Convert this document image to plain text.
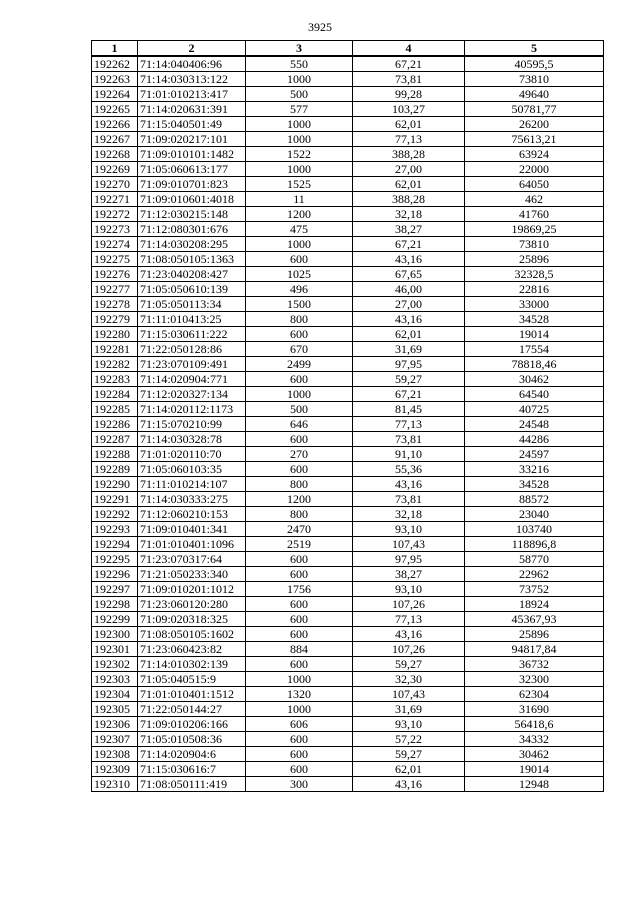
3925
1	2	3	4	5
192262	71:14:040406:96	550	67,21	40595,5
192263	71:14:030313:122	1000	73,81	73810
192264	71:01:010213:417	500	99,28	49640
192265	71:14:020631:391	577	103,27	50781,77
192266	71:15:040501:49	1000	62,01	26200
192267	71:09:020217:101	1000	77,13	75613,21
192268	71:09:010101:1482	1522	388,28	63924
192269	71:05:060613:177	1000	27,00	22000
192270	71:09:010701:823	1525	62,01	64050
192271	71:09:010601:4018	11	388,28	462
192272	71:12:030215:148	1200	32,18	41760
192273	71:12:080301:676	475	38,27	19869,25
192274	71:14:030208:295	1000	67,21	73810
192275	71:08:050105:1363	600	43,16	25896
192276	71:23:040208:427	1025	67,65	32328,5
192277	71:05:050610:139	496	46,00	22816
192278	71:05:050113:34	1500	27,00	33000
192279	71:11:010413:25	800	43,16	34528
192280	71:15:030611:222	600	62,01	19014
192281	71:22:050128:86	670	31,69	17554
192282	71:23:070109:491	2499	97,95	78818,46
192283	71:14:020904:771	600	59,27	30462
192284	71:12:020327:134	1000	67,21	64540
192285	71:14:020112:1173	500	81,45	40725
192286	71:15:070210:99	646	77,13	24548
192287	71:14:030328:78	600	73,81	44286
192288	71:01:020110:70	270	91,10	24597
192289	71:05:060103:35	600	55,36	33216
192290	71:11:010214:107	800	43,16	34528
192291	71:14:030333:275	1200	73,81	88572
192292	71:12:060210:153	800	32,18	23040
192293	71:09:010401:341	2470	93,10	103740
192294	71:01:010401:1096	2519	107,43	118896,8
192295	71:23:070317:64	600	97,95	58770
192296	71:21:050233:340	600	38,27	22962
192297	71:09:010201:1012	1756	93,10	73752
192298	71:23:060120:280	600	107,26	18924
192299	71:09:020318:325	600	77,13	45367,93
192300	71:08:050105:1602	600	43,16	25896
192301	71:23:060423:82	884	107,26	94817,84
192302	71:14:010302:139	600	59,27	36732
192303	71:05:040515:9	1000	32,30	32300
192304	71:01:010401:1512	1320	107,43	62304
192305	71:22:050144:27	1000	31,69	31690
192306	71:09:010206:166	606	93,10	56418,6
192307	71:05:010508:36	600	57,22	34332
192308	71:14:020904:6	600	59,27	30462
192309	71:15:030616:7	600	62,01	19014
192310	71:08:050111:419	300	43,16	12948
